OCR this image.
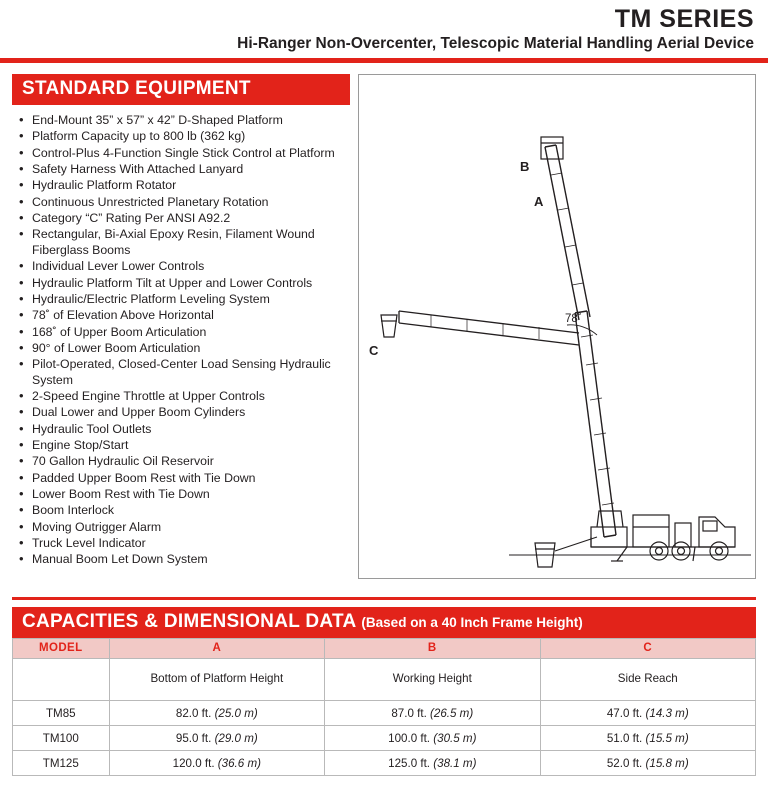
TM SERIES
Hi-Ranger Non-Overcenter, Telescopic Material Handling Aerial Device
STANDARD EQUIPMENT
• End-Mount 35” x 57” x 42” D-Shaped Platform
• Platform Capacity up to 800 lb (362 kg)
• Control-Plus 4-Function Single Stick Control at Platform
• Safety Harness With Attached Lanyard
• Hydraulic Platform Rotator
• Continuous Unrestricted Planetary Rotation
• Category “C” Rating Per ANSI A92.2
• Rectangular, Bi-Axial Epoxy Resin, Filament Wound Fiberglass Booms
• Individual Lever Lower Controls
• Hydraulic Platform Tilt at Upper and Lower Controls
• Hydraulic/Electric Platform Leveling System
• 78˚ of Elevation Above Horizontal
• 168˚ of Upper Boom Articulation
• 90° of Lower Boom Articulation
• Pilot-Operated, Closed-Center Load Sensing Hydraulic System
• 2-Speed Engine Throttle at Upper Controls
• Dual Lower and Upper Boom Cylinders
• Hydraulic Tool Outlets
• Engine Stop/Start
• 70 Gallon Hydraulic Oil Reservoir
• Padded Upper Boom Rest with Tie Down
• Lower Boom Rest with Tie Down
• Boom Interlock
• Moving Outrigger Alarm
• Truck Level Indicator
• Manual Boom Let Down System
B
A
C
78˚
CAPACITIES & DIMENSIONAL DATA (Based on a 40 Inch Frame Height)
MODEL	A	B	C
	Bottom of Platform Height	Working Height	Side Reach
TM85	82.0 ft. (25.0 m)	87.0 ft. (26.5 m)	47.0 ft. (14.3 m)
TM100	95.0 ft. (29.0 m)	100.0 ft. (30.5 m)	51.0 ft. (15.5 m)
TM125	120.0 ft. (36.6 m)	125.0 ft. (38.1 m)	52.0 ft. (15.8 m)
